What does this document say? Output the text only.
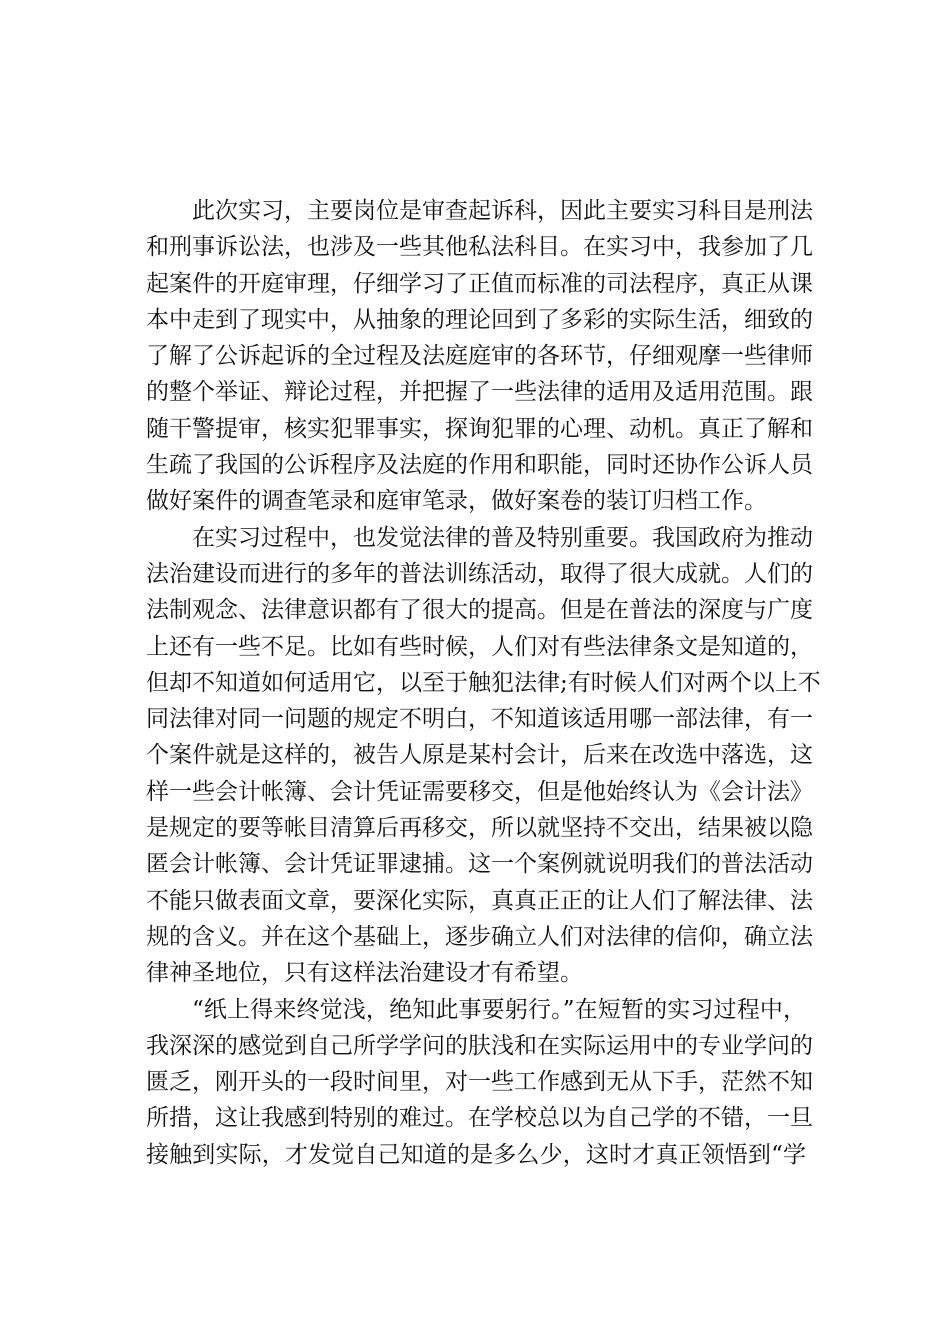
此次实习，主要岗位是审查起诉科，因此主要实习科目是刑法
和刑事诉讼法，也涉及一些其他私法科目。在实习中，我参加了几
起案件的开庭审理，仔细学习了正值而标准的司法程序，真正从课
本中走到了现实中，从抽象的理论回到了多彩的实际生活，细致的
了解了公诉起诉的全过程及法庭庭审的各环节，仔细观摩一些律师
的整个举证、辩论过程，并把握了一些法律的适用及适用范围。跟
随干警提审，核实犯罪事实，探询犯罪的心理、动机。真正了解和
生疏了我国的公诉程序及法庭的作用和职能，同时还协作公诉人员
做好案件的调查笔录和庭审笔录，做好案卷的装订归档工作。
在实习过程中，也发觉法律的普及特别重要。我国政府为推动
法治建设而进行的多年的普法训练活动，取得了很大成就。人们的
法制观念、法律意识都有了很大的提高。但是在普法的深度与广度
上还有一些不足。比如有些时候，人们对有些法律条文是知道的，
但却不知道如何适用它，以至于触犯法律;有时候人们对两个以上不
同法律对同一问题的规定不明白，不知道该适用哪一部法律，有一
个案件就是这样的，被告人原是某村会计，后来在改选中落选，这
样一些会计帐簿、会计凭证需要移交，但是他始终认为《会计法》
是规定的要等帐目清算后再移交，所以就坚持不交出，结果被以隐
匿会计帐簿、会计凭证罪逮捕。这一个案例就说明我们的普法活动
不能只做表面文章，要深化实际，真真正正的让人们了解法律、法
规的含义。并在这个基础上，逐步确立人们对法律的信仰，确立法
律神圣地位，只有这样法治建设才有希望。
“纸上得来终觉浅，绝知此事要躬行。”在短暂的实习过程中，
我深深的感觉到自己所学学问的肤浅和在实际运用中的专业学问的
匮乏，刚开头的一段时间里，对一些工作感到无从下手，茫然不知
所措，这让我感到特别的难过。在学校总以为自己学的不错，一旦
接触到实际，才发觉自己知道的是多么少，这时才真正领悟到“学
